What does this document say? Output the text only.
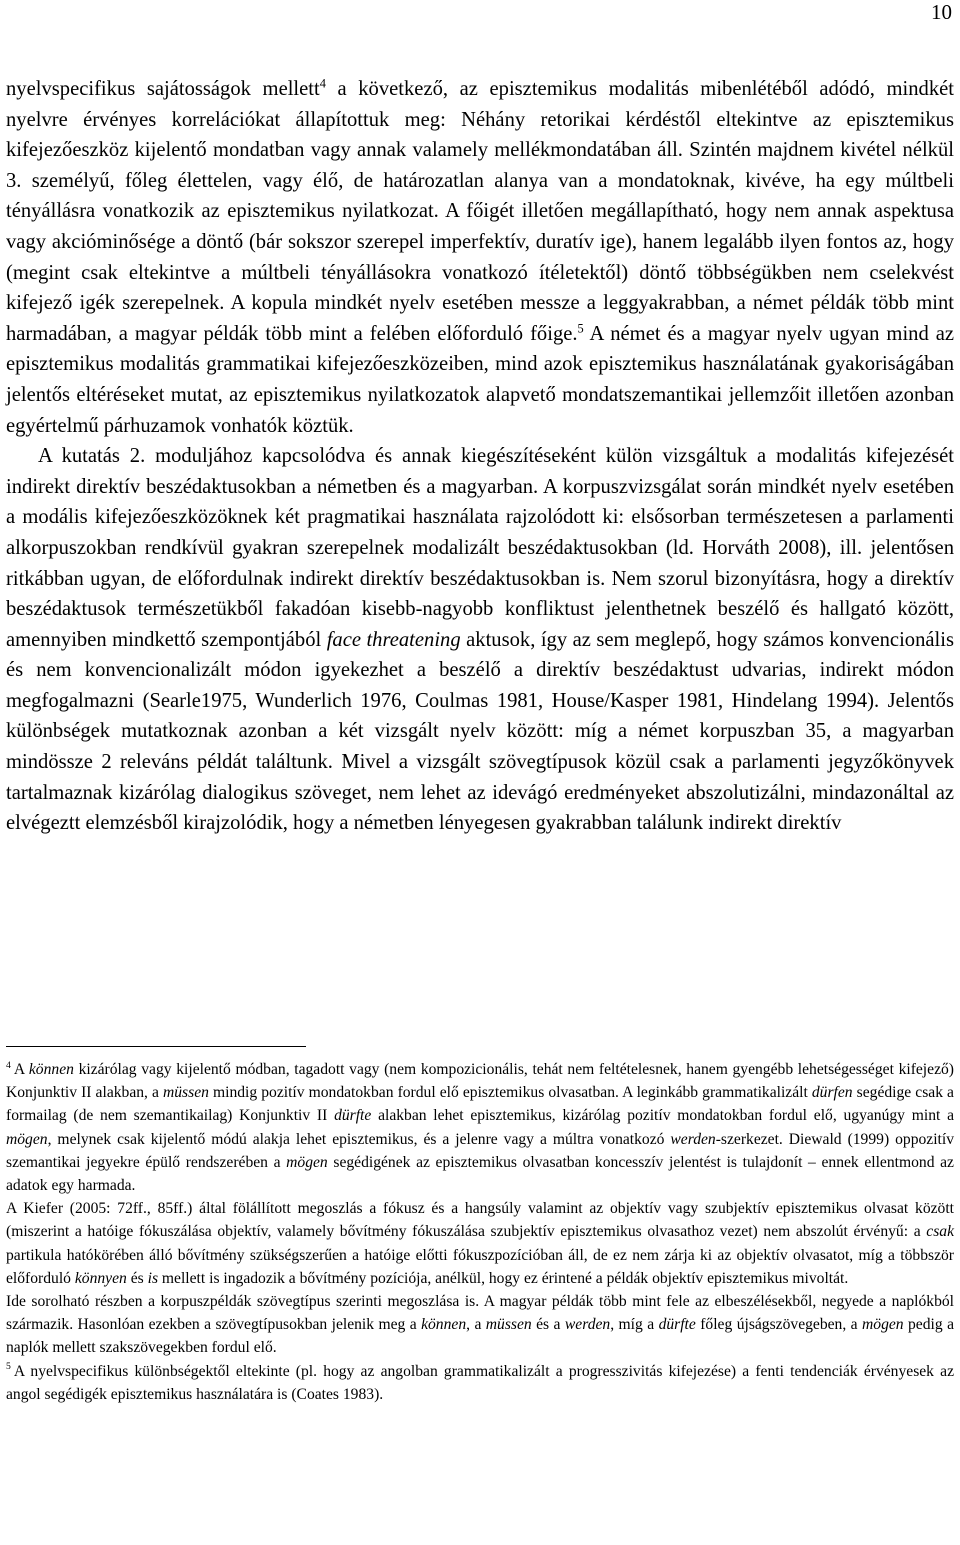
10

nyelvspecifikus sajátosságok mellett$^4$ a következő, az episztemikus modalitás mibenlétéből adódó, mindkét nyelvre érvényes korrelációkat állapítottuk meg: Néhány retorikai kérdéstől eltekintve az episztemikus kifejezőeszköz kijelentő mondatban vagy annak valamely mellékmondatában áll. Szintén majdnem kivétel nélkül 3. személyű, főleg élettelen, vagy élő, de határozatlan alanya van a mondatoknak, kivéve, ha egy múltbeli tényállásra vonatkozik az episztemikus nyilatkozat. A főigét illetően megállapítható, hogy nem annak aspektusa vagy akcióminősége a döntő (bár sokszor szerepel imperfektív, duratív ige), hanem legalább ilyen fontos az, hogy (megint csak eltekintve a múltbeli tényállásokra vonatkozó ítéletektől) döntő többségükben nem cselekvést kifejező igék szerepelnek. A kopula mindkét nyelv esetében messze a leggyakrabban, a német példák több mint harmadában, a magyar példák több mint a felében előforduló főige.$^5$ A német és a magyar nyelv ugyan mind az episztemikus modalitás grammatikai kifejezőeszközeiben, mind azok episztemikus használatának gyakoriságában jelentős eltéréseket mutat, az episztemikus nyilatkozatok alapvető mondatszemantikai jellemzőit illetően azonban egyértelmű párhuzamok vonhatók köztük.

A kutatás 2. moduljához kapcsolódva és annak kiegészítéseként külön vizsgáltuk a modalitás kifejezését indirekt direktív beszédaktusokban a németben és a magyarban. A korpuszvizsgálat során mindkét nyelv esetében a modális kifejezőeszközöknek két pragmatikai használata rajzolódott ki: elsősorban természetesen a parlamenti alkorpuszokban rendkívül gyakran szerepelnek modalizált beszédaktusokban (ld. Horváth 2008), ill. jelentősen ritkábban ugyan, de előfordulnak indirekt direktív beszédaktusokban is. Nem szorul bizonyításra, hogy a direktív beszédaktusok természetükből fakadóan kisebb-nagyobb konfliktust jelenthetnek beszélő és hallgató között, amennyiben mindkettő szempontjából face threatening aktusok, így az sem meglepő, hogy számos konvencionális és nem konvencionalizált módon igyekezhet a beszélő a direktív beszédaktust udvarias, indirekt módon megfogalmazni (Searle1975, Wunderlich 1976, Coulmas 1981, House/Kasper 1981, Hindelang 1994). Jelentős különbségek mutatkoznak azonban a két vizsgált nyelv között: míg a német korpuszban 35, a magyarban mindössze 2 releváns példát találtunk. Mivel a vizsgált szövegtípusok közül csak a parlamenti jegyzőkönyvek tartalmaznak kizárólag dialogikus szöveget, nem lehet az idevágó eredményeket abszolutizálni, mindazonáltal az elvégeztt elemzésből kirajzolódik, hogy a németben lényegesen gyakrabban találunk indirekt direktív

$^4$ A können kizárólag vagy kijelentő módban, tagadott vagy (nem kompozicionális, tehát nem feltételesnek, hanem gyengébb lehetségességet kifejező) Konjunktiv II alakban, a müssen mindig pozitív mondatokban fordul elő episztemikus olvasatban. A leginkább grammatikalizált dürfen segédige csak a formailag (de nem szemantikailag) Konjunktiv II dürfte alakban lehet episztemikus, kizárólag pozitív mondatokban fordul elő, ugyanúgy mint a mögen, melynek csak kijelentő módú alakja lehet episztemikus, és a jelenre vagy a múltra vonatkozó werden-szerkezet. Diewald (1999) oppozitív szemantikai jegyekre épülő rendszerében a mögen segédigének az episztemikus olvasatban koncesszív jelentést is tulajdonít – ennek ellentmond az adatok egy harmada.

A Kiefer (2005: 72ff., 85ff.) által fölállított megoszlás a fókusz és a hangsúly valamint az objektív vagy szubjektív episztemikus olvasat között (miszerint a hatóige fókuszálása objektív, valamely bővítmény fókuszálása szubjektív episztemikus olvasathoz vezet) nem abszolút érvényű: a csak partikula hatókörében álló bővítmény szükségszerűen a hatóige előtti fókuszpozícióban áll, de ez nem zárja ki az objektív olvasatot, míg a többször előforduló könnyen és is mellett is ingadozik a bővítmény pozíciója, anélkül, hogy ez érintené a példák objektív episztemikus mivoltát.

Ide sorolható részben a korpuszpéldák szövegtípus szerinti megoszlása is. A magyar példák több mint fele az elbeszélésekből, negyede a naplókból származik. Hasonlóan ezekben a szövegtípusokban jelenik meg a können, a müssen és a werden, míg a dürfte főleg újságszövegeben, a mögen pedig a naplók mellett szakszövegekben fordul elő.

$^5$ A nyelvspecifikus különbségektől eltekinte (pl. hogy az angolban grammatikalizált a progresszivitás kifejezése) a fenti tendenciák érvényesek az angol segédigék episztemikus használatára is (Coates 1983).
